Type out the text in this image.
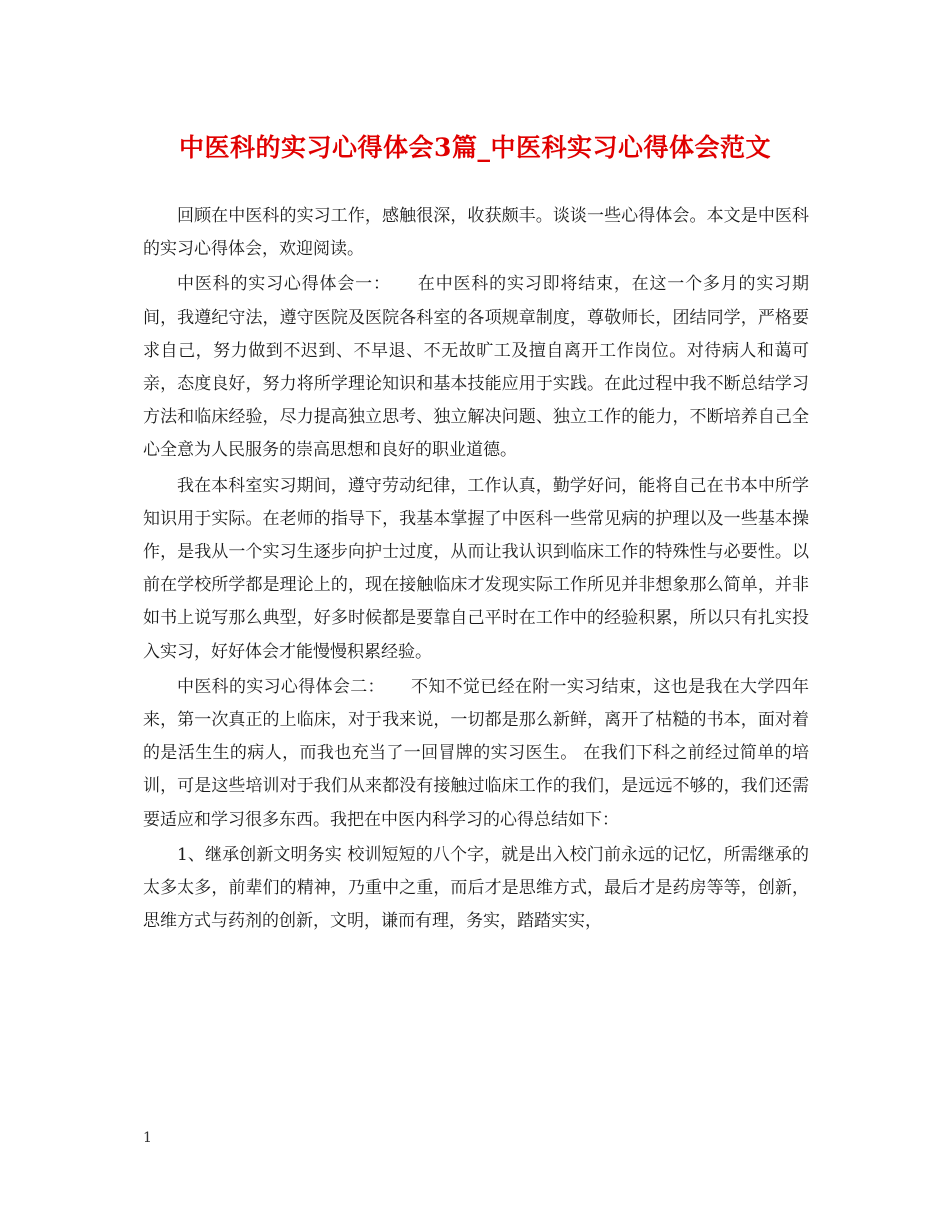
中医科的实习心得体会3篇_中医科实习心得体会范文

回顾在中医科的实习工作，感触很深，收获颇丰。谈谈一些心得体会。本文是中医科的实习心得体会，欢迎阅读。

中医科的实习心得体会一：　　在中医科的实习即将结束，在这一个多月的实习期间，我遵纪守法，遵守医院及医院各科室的各项规章制度，尊敬师长，团结同学，严格要求自己，努力做到不迟到、不早退、不无故旷工及擅自离开工作岗位。对待病人和蔼可亲，态度良好，努力将所学理论知识和基本技能应用于实践。在此过程中我不断总结学习方法和临床经验，尽力提高独立思考、独立解决问题、独立工作的能力，不断培养自己全心全意为人民服务的崇高思想和良好的职业道德。

我在本科室实习期间，遵守劳动纪律，工作认真，勤学好问，能将自己在书本中所学知识用于实际。在老师的指导下，我基本掌握了中医科一些常见病的护理以及一些基本操作，是我从一个实习生逐步向护士过度，从而让我认识到临床工作的特殊性与必要性。以前在学校所学都是理论上的，现在接触临床才发现实际工作所见并非想象那么简单，并非如书上说写那么典型，好多时候都是要靠自己平时在工作中的经验积累，所以只有扎实投入实习，好好体会才能慢慢积累经验。

中医科的实习心得体会二：　　不知不觉已经在附一实习结束，这也是我在大学四年来，第一次真正的上临床，对于我来说，一切都是那么新鲜，离开了枯糙的书本，面对着的是活生生的病人，而我也充当了一回冒牌的实习医生。 在我们下科之前经过简单的培训，可是这些培训对于我们从来都没有接触过临床工作的我们，是远远不够的，我们还需要适应和学习很多东西。我把在中医内科学习的心得总结如下：

1、继承创新文明务实 校训短短的八个字，就是出入校门前永远的记忆，所需继承的太多太多，前辈们的精神，乃重中之重，而后才是思维方式，最后才是药房等等，创新，思维方式与药剂的创新，文明，谦而有理，务实，踏踏实实，

1
